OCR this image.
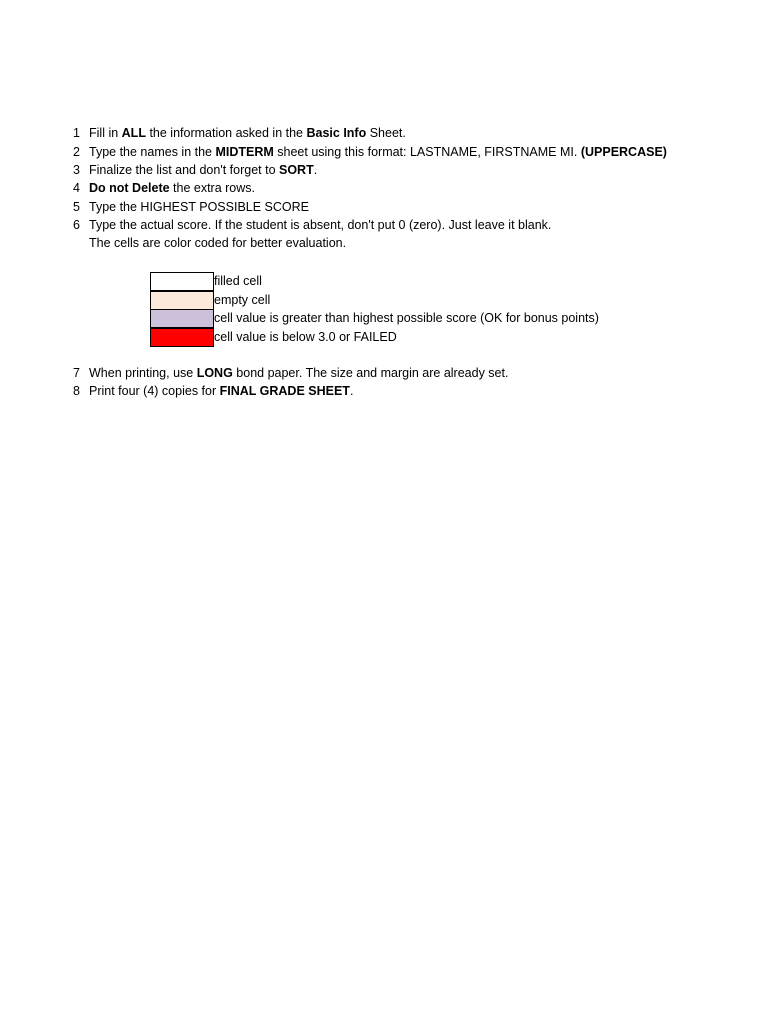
1 Fill in ALL the information asked in the Basic Info Sheet.
2 Type the names in the MIDTERM sheet using this format: LASTNAME, FIRSTNAME MI. (UPPERCASE)
3 Finalize the list and don't forget to SORT.
4 Do not Delete the extra rows.
5 Type the HIGHEST POSSIBLE SCORE
6 Type the actual score. If the student is absent, don't put 0 (zero). Just leave it blank.
The cells are color coded for better evaluation.
filled cell
empty cell
cell value is greater than highest possible score (OK for bonus points)
cell value is below 3.0 or FAILED
7 When printing, use LONG bond paper. The size and margin are already set.
8 Print four (4) copies for FINAL GRADE SHEET.
